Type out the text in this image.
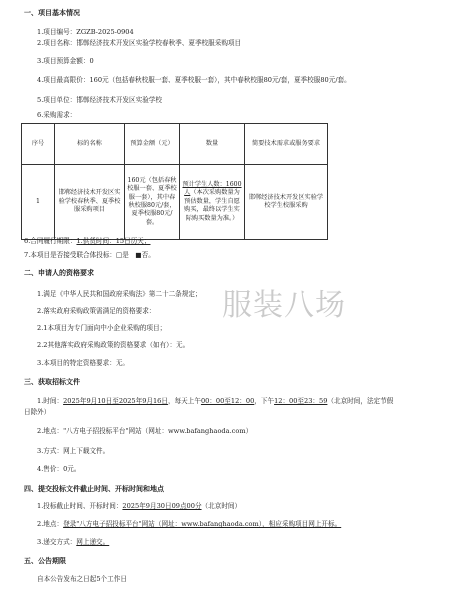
一、项目基本情况
1.项目编号：ZGZB-2025-0904
2.项目名称：邯郸经济技术开发区实验学校春秋季、夏季校服采购项目
3.项目预算金额：0
4.项目最高限价：160元（包括春秋校服一套、夏季校服一套），其中春秋校服80元/套，夏季校服80元/套。
5.项目单位：邯郸经济技术开发区实验学校
6.采购需求：
序号	标的名称	预算金额（元）	数量	简要技术需求或服务要求
1	邯郸经济技术开发区实验学校春秋季、夏季校服采购项目	160元（包括春秋校服一套、夏季校服一套），其中春秋校服80元/套，夏季校服80元/套。	预计学生人数：1600人（本次采购数量为预估数量，学生自愿购买，最终以学生实际购买数量为准。）	邯郸经济技术开发区实验学校学生校服采购
6.合同履行期限：1.供货时间：15日历天；
7.本项目是否接受联合体投标：□是　■否。
二、申请人的资格要求
1.满足《中华人民共和国政府采购法》第二十二条规定；
2.落实政府采购政策需满足的资格要求：
2.1本项目为专门面向中小企业采购的项目；
2.2其他落实政府采购政策的资格要求（如有）：无。
3.本项目的特定资格要求：无。
三、获取招标文件
1.时间：2025年9月10日至2025年9月16日，每天上午00：00至12：00，下午12：00至23：59（北京时间，法定节假
日除外）
2.地点："八方电子招投标平台"网站（网址：www.bafanghaoda.com）
3.方式：网上下载文件。
4.售价：0元。
四、提交投标文件截止时间、开标时间和地点
1.投标截止时间、开标时间：2025年9月30日09点00分（北京时间）
2.地点：登录"八方电子招投标平台"网站（网址：www.bafanghaoda.com），相应采购项目网上开标。
3.递交方式：网上递交。
五、公告期限
自本公告发布之日起5个工作日
服装八场
